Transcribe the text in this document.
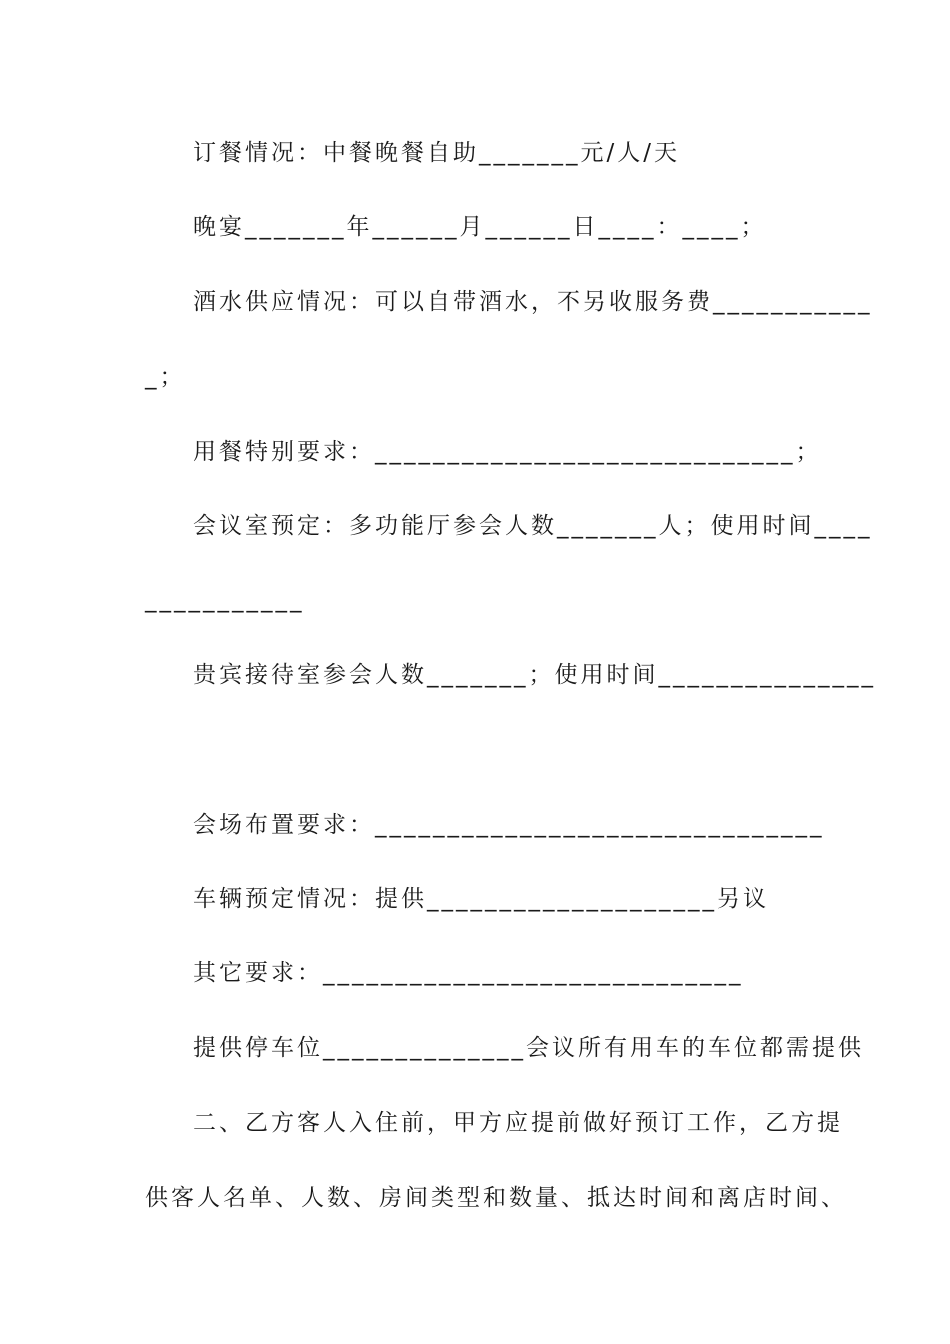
订餐情况：中餐晚餐自助_______元/人/天
晚宴_______年______月______日____：____；
酒水供应情况：可以自带酒水，不另收服务费___________
_；
用餐特别要求：_____________________________；
会议室预定：多功能厅参会人数_______人；使用时间____
___________
贵宾接待室参会人数_______；使用时间_______________
会场布置要求：_______________________________
车辆预定情况：提供____________________另议
其它要求：_____________________________
提供停车位______________会议所有用车的车位都需提供
二、乙方客人入住前，甲方应提前做好预订工作，乙方提
供客人名单、人数、房间类型和数量、抵达时间和离店时间、
